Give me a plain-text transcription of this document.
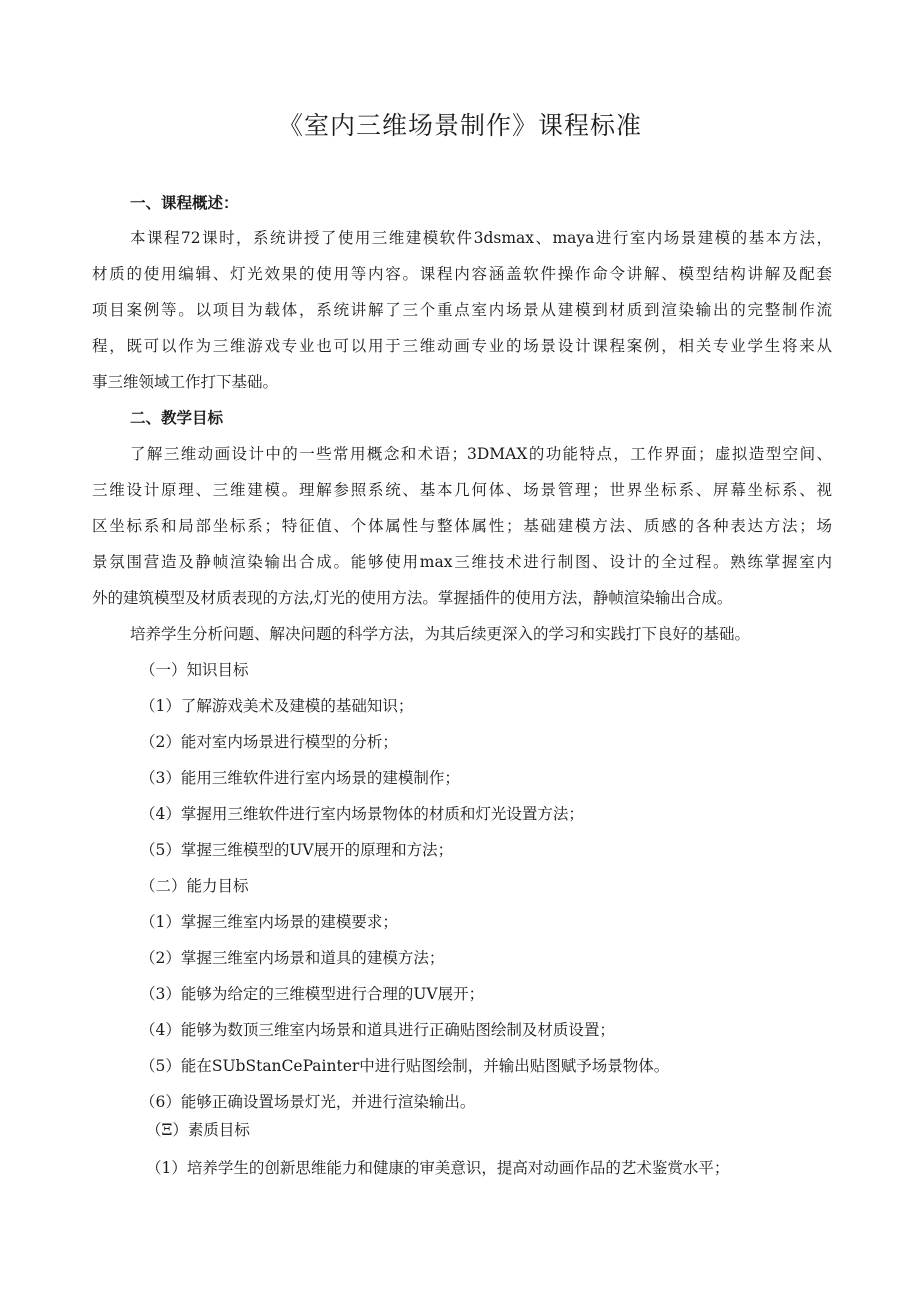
《室内三维场景制作》课程标准

一、课程概述：

本课程72课时，系统讲授了使用三维建模软件3dsmax、maya进行室内场景建模的基本方法，

材质的使用编辑、灯光效果的使用等内容。课程内容涵盖软件操作命令讲解、模型结构讲解及配套

项目案例等。以项目为载体，系统讲解了三个重点室内场景从建模到材质到渲染输出的完整制作流

程，既可以作为三维游戏专业也可以用于三维动画专业的场景设计课程案例，相关专业学生将来从

事三维领域工作打下基础。

二、教学目标

了解三维动画设计中的一些常用概念和术语；3DMAX的功能特点，工作界面；虚拟造型空间、

三维设计原理、三维建模。理解参照系统、基本几何体、场景管理；世界坐标系、屏幕坐标系、视

区坐标系和局部坐标系；特征值、个体属性与整体属性；基础建模方法、质感的各种表达方法；场

景氛围营造及静帧渲染输出合成。能够使用max三维技术进行制图、设计的全过程。熟练掌握室内

外的建筑模型及材质表现的方法,灯光的使用方法。掌握插件的使用方法，静帧渲染输出合成。

培养学生分析问题、解决问题的科学方法，为其后续更深入的学习和实践打下良好的基础。

（一）知识目标

（1）了解游戏美术及建模的基础知识；

（2）能对室内场景进行模型的分析；

（3）能用三维软件进行室内场景的建模制作；

（4）掌握用三维软件进行室内场景物体的材质和灯光设置方法；

（5）掌握三维模型的UV展开的原理和方法；

（二）能力目标

（1）掌握三维室内场景的建模要求；

（2）掌握三维室内场景和道具的建模方法；

（3）能够为给定的三维模型进行合理的UV展开；

（4）能够为数顶三维室内场景和道具进行正确贴图绘制及材质设置；

（5）能在SUbStanCePainter中进行贴图绘制，并输出贴图赋予场景物体。

（6）能够正确设置场景灯光，并进行渲染输出。

（Ξ）素质目标

（1）培养学生的创新思维能力和健康的审美意识，提高对动画作品的艺术鉴赏水平；
